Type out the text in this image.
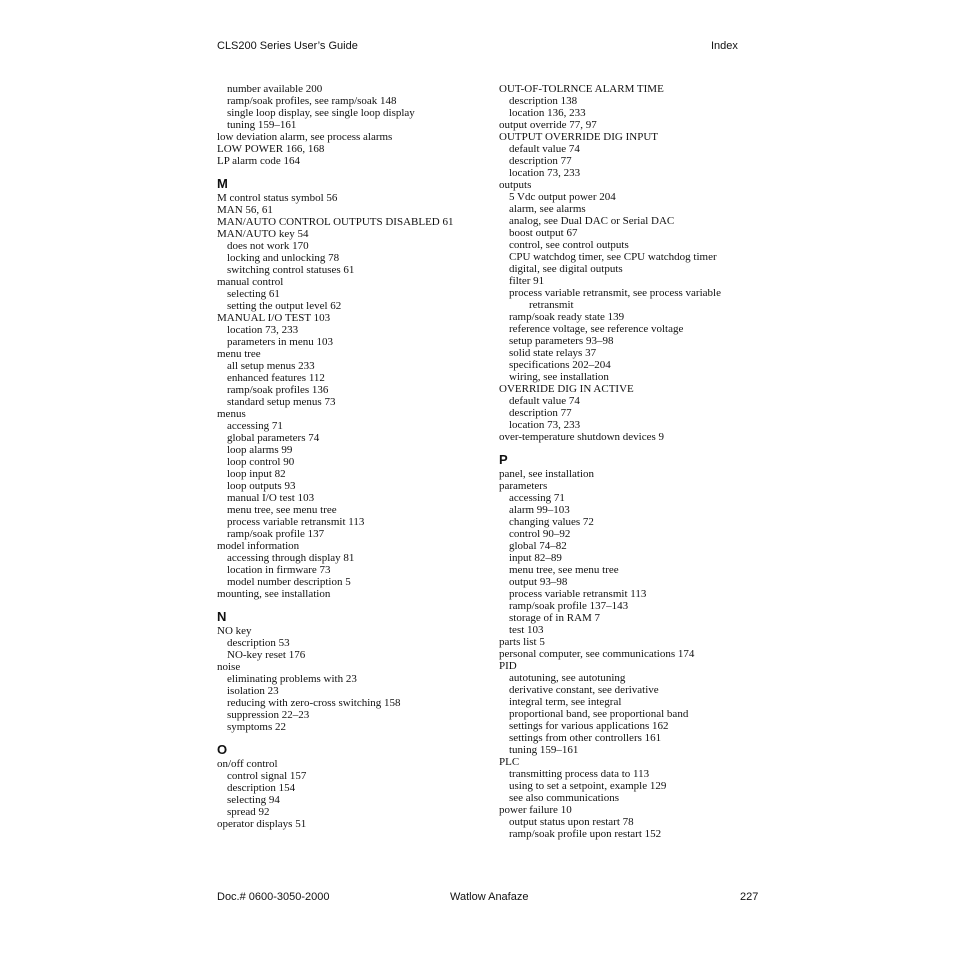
CLS200 Series User’s Guide	Index
number available 200
ramp/soak profiles, see ramp/soak 148
single loop display, see single loop display
tuning 159–161
low deviation alarm, see process alarms
LOW POWER 166, 168
LP alarm code 164
M
M control status symbol 56
MAN 56, 61
MAN/AUTO CONTROL OUTPUTS DISABLED 61
MAN/AUTO key 54
does not work 170
locking and unlocking 78
switching control statuses 61
manual control
selecting 61
setting the output level 62
MANUAL I/O TEST 103
location 73, 233
parameters in menu 103
menu tree
all setup menus 233
enhanced features 112
ramp/soak profiles 136
standard setup menus 73
menus
accessing 71
global parameters 74
loop alarms 99
loop control 90
loop input 82
loop outputs 93
manual I/O test 103
menu tree, see menu tree
process variable retransmit 113
ramp/soak profile 137
model information
accessing through display 81
location in firmware 73
model number description 5
mounting, see installation
N
NO key
description 53
NO-key reset 176
noise
eliminating problems with 23
isolation 23
reducing with zero-cross switching 158
suppression 22–23
symptoms 22
O
on/off control
control signal 157
description 154
selecting 94
spread 92
operator displays 51
OUT-OF-TOLRNCE ALARM TIME
description 138
location 136, 233
output override 77, 97
OUTPUT OVERRIDE DIG INPUT
default value 74
description 77
location 73, 233
outputs
5 Vdc output power 204
alarm, see alarms
analog, see Dual DAC or Serial DAC
boost output 67
control, see control outputs
CPU watchdog timer, see CPU watchdog timer
digital, see digital outputs
filter 91
process variable retransmit, see process variable
retransmit
ramp/soak ready state 139
reference voltage, see reference voltage
setup parameters 93–98
solid state relays 37
specifications 202–204
wiring, see installation
OVERRIDE DIG IN ACTIVE
default value 74
description 77
location 73, 233
over-temperature shutdown devices 9
P
panel, see installation
parameters
accessing 71
alarm 99–103
changing values 72
control 90–92
global 74–82
input 82–89
menu tree, see menu tree
output 93–98
process variable retransmit 113
ramp/soak profile 137–143
storage of in RAM 7
test 103
parts list 5
personal computer, see communications 174
PID
autotuning, see autotuning
derivative constant, see derivative
integral term, see integral
proportional band, see proportional band
settings for various applications 162
settings from other controllers 161
tuning 159–161
PLC
transmitting process data to 113
using to set a setpoint, example 129
see also communications
power failure 10
output status upon restart 78
ramp/soak profile upon restart 152
Doc.# 0600-3050-2000	Watlow Anafaze	227
